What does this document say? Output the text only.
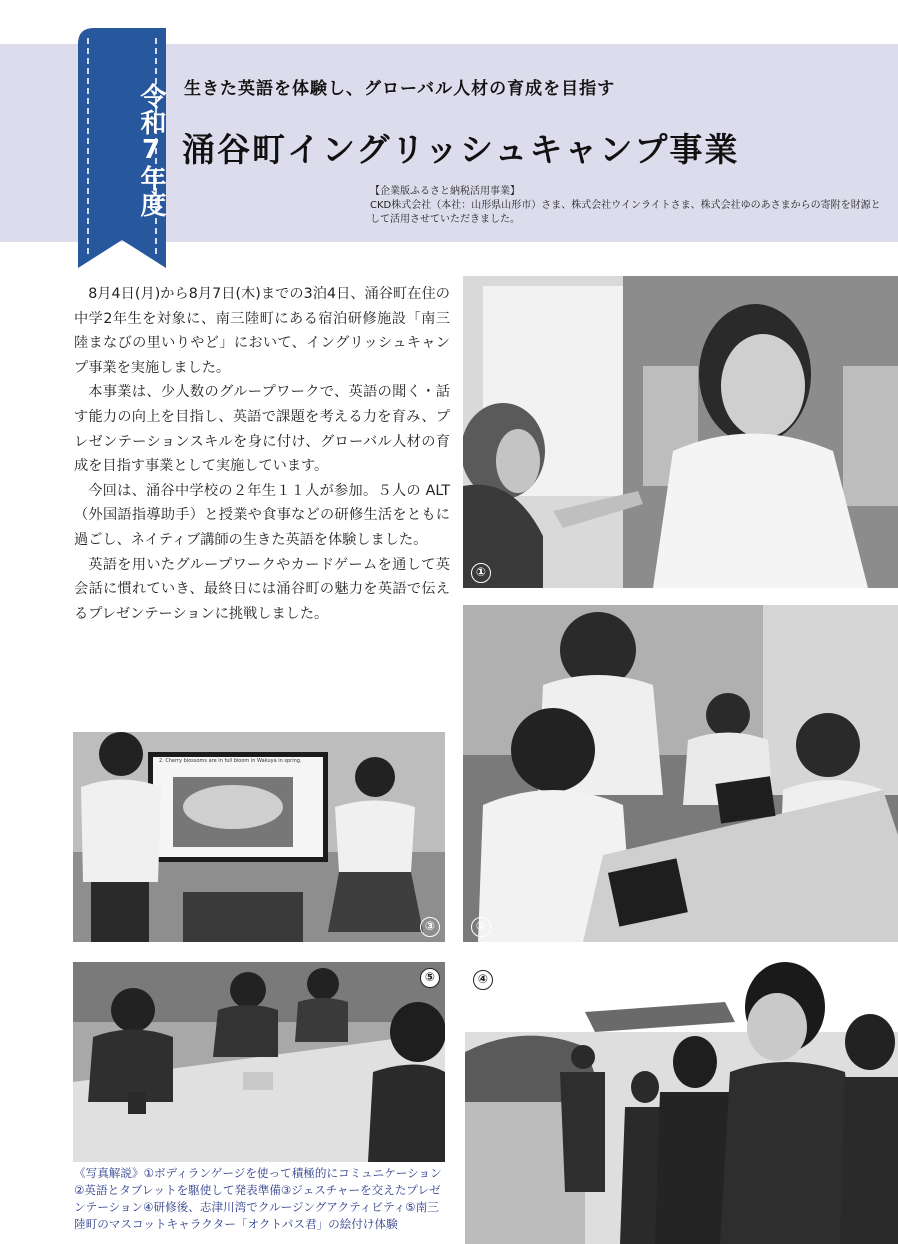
令和7年度 生きた英語を体験し、グローバル人材の育成を目指す
涌谷町イングリッシュキャンプ事業
【企業版ふるさと納税活用事業】
CKD株式会社（本社：山形県山形市）さま、株式会社ウインライトさま、株式会社ゆのあさまからの寄附を財源として活用させていただきました。

8月4日(月)から8月7日(木)までの3泊4日、涌谷町在住の中学2年生を対象に、南三陸町にある宿泊研修施設「南三陸まなびの里いりやど」において、イングリッシュキャンプ事業を実施しました。

本事業は、少人数のグループワークで、英語の聞く・話す能力の向上を目指し、英語で課題を考える力を育み、プレゼンテーションスキルを身に付け、グローバル人材の育成を目指す事業として実施しています。

今回は、涌谷中学校の２年生１１人が参加。５人の ALT（外国語指導助手）と授業や食事などの研修生活をともに過ごし、ネイティブ講師の生きた英語を体験しました。

英語を用いたグループワークやカードゲームを通して英会話に慣れていき、最終日には涌谷町の魅力を英語で伝えるプレゼンテーションに挑戦しました。

①
②
2. Cherry blossoms are in full bloom in Wakuya in spring.
③
⑤	④
《写真解説》①ボディランゲージを使って積極的にコミュニケーション②英語とタブレットを駆使して発表準備③ジェスチャーを交えたプレゼンテーション④研修後、志津川湾でクルージングアクティビティ⑤南三陸町のマスコットキャラクター「オクトパス君」の絵付け体験
